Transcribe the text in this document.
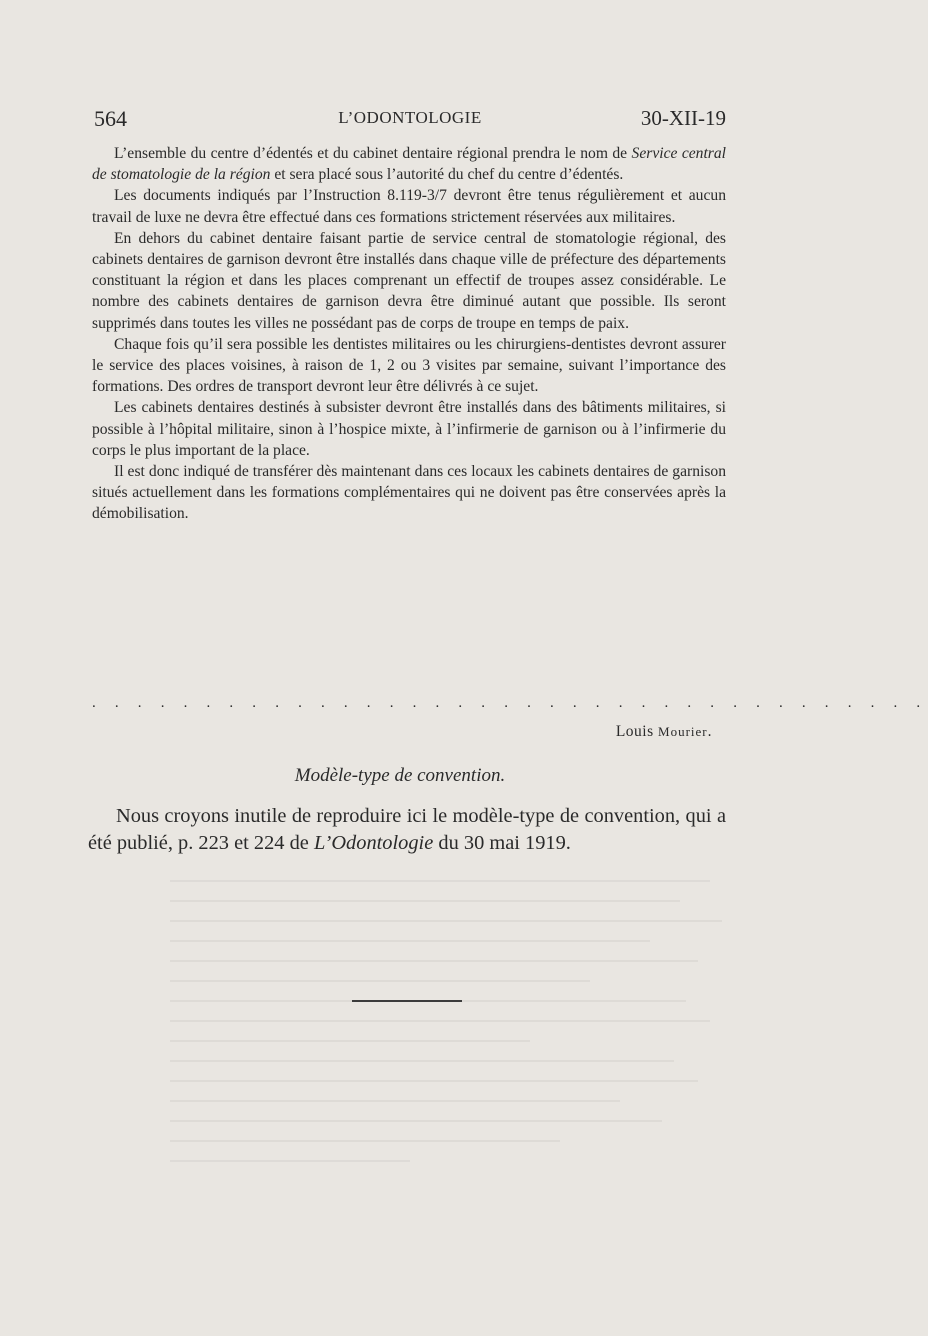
564	L’ODONTOLOGIE	30-XII-19

L’ensemble du centre d’édentés et du cabinet dentaire régional prendra le nom de Service central de stomatologie de la région et sera placé sous l’autorité du chef du centre d’édentés.

Les documents indiqués par l’Instruction 8.119-3/7 devront être tenus régulièrement et aucun travail de luxe ne devra être effectué dans ces formations strictement réservées aux militaires.

En dehors du cabinet dentaire faisant partie de service central de stomatologie régional, des cabinets dentaires de garnison devront être installés dans chaque ville de préfecture des départements constituant la région et dans les places comprenant un effectif de troupes assez considérable. Le nombre des cabinets dentaires de garnison devra être diminué autant que possible. Ils seront supprimés dans toutes les villes ne possédant pas de corps de troupe en temps de paix.

Chaque fois qu’il sera possible les dentistes militaires ou les chirurgiens-dentistes devront assurer le service des places voisines, à raison de 1, 2 ou 3 visites par semaine, suivant l’importance des formations. Des ordres de transport devront leur être délivrés à ce sujet.

Les cabinets dentaires destinés à subsister devront être installés dans des bâtiments militaires, si possible à l’hôpital militaire, sinon à l’hospice mixte, à l’infirmerie de garnison ou à l’infirmerie du corps le plus important de la place.

Il est donc indiqué de transférer dès maintenant dans ces locaux les cabinets dentaires de garnison situés actuellement dans les formations complémentaires qui ne doivent pas être conservées après la démobilisation.

. . . . . . . . . . . . . . . . . . . . . . . . . . . . . . . . . . . . .
Louis Mourier.
Modèle-type de convention.

Nous croyons inutile de reproduire ici le modèle-type de convention, qui a été publié, p. 223 et 224 de L’Odontologie du 30 mai 1919.
